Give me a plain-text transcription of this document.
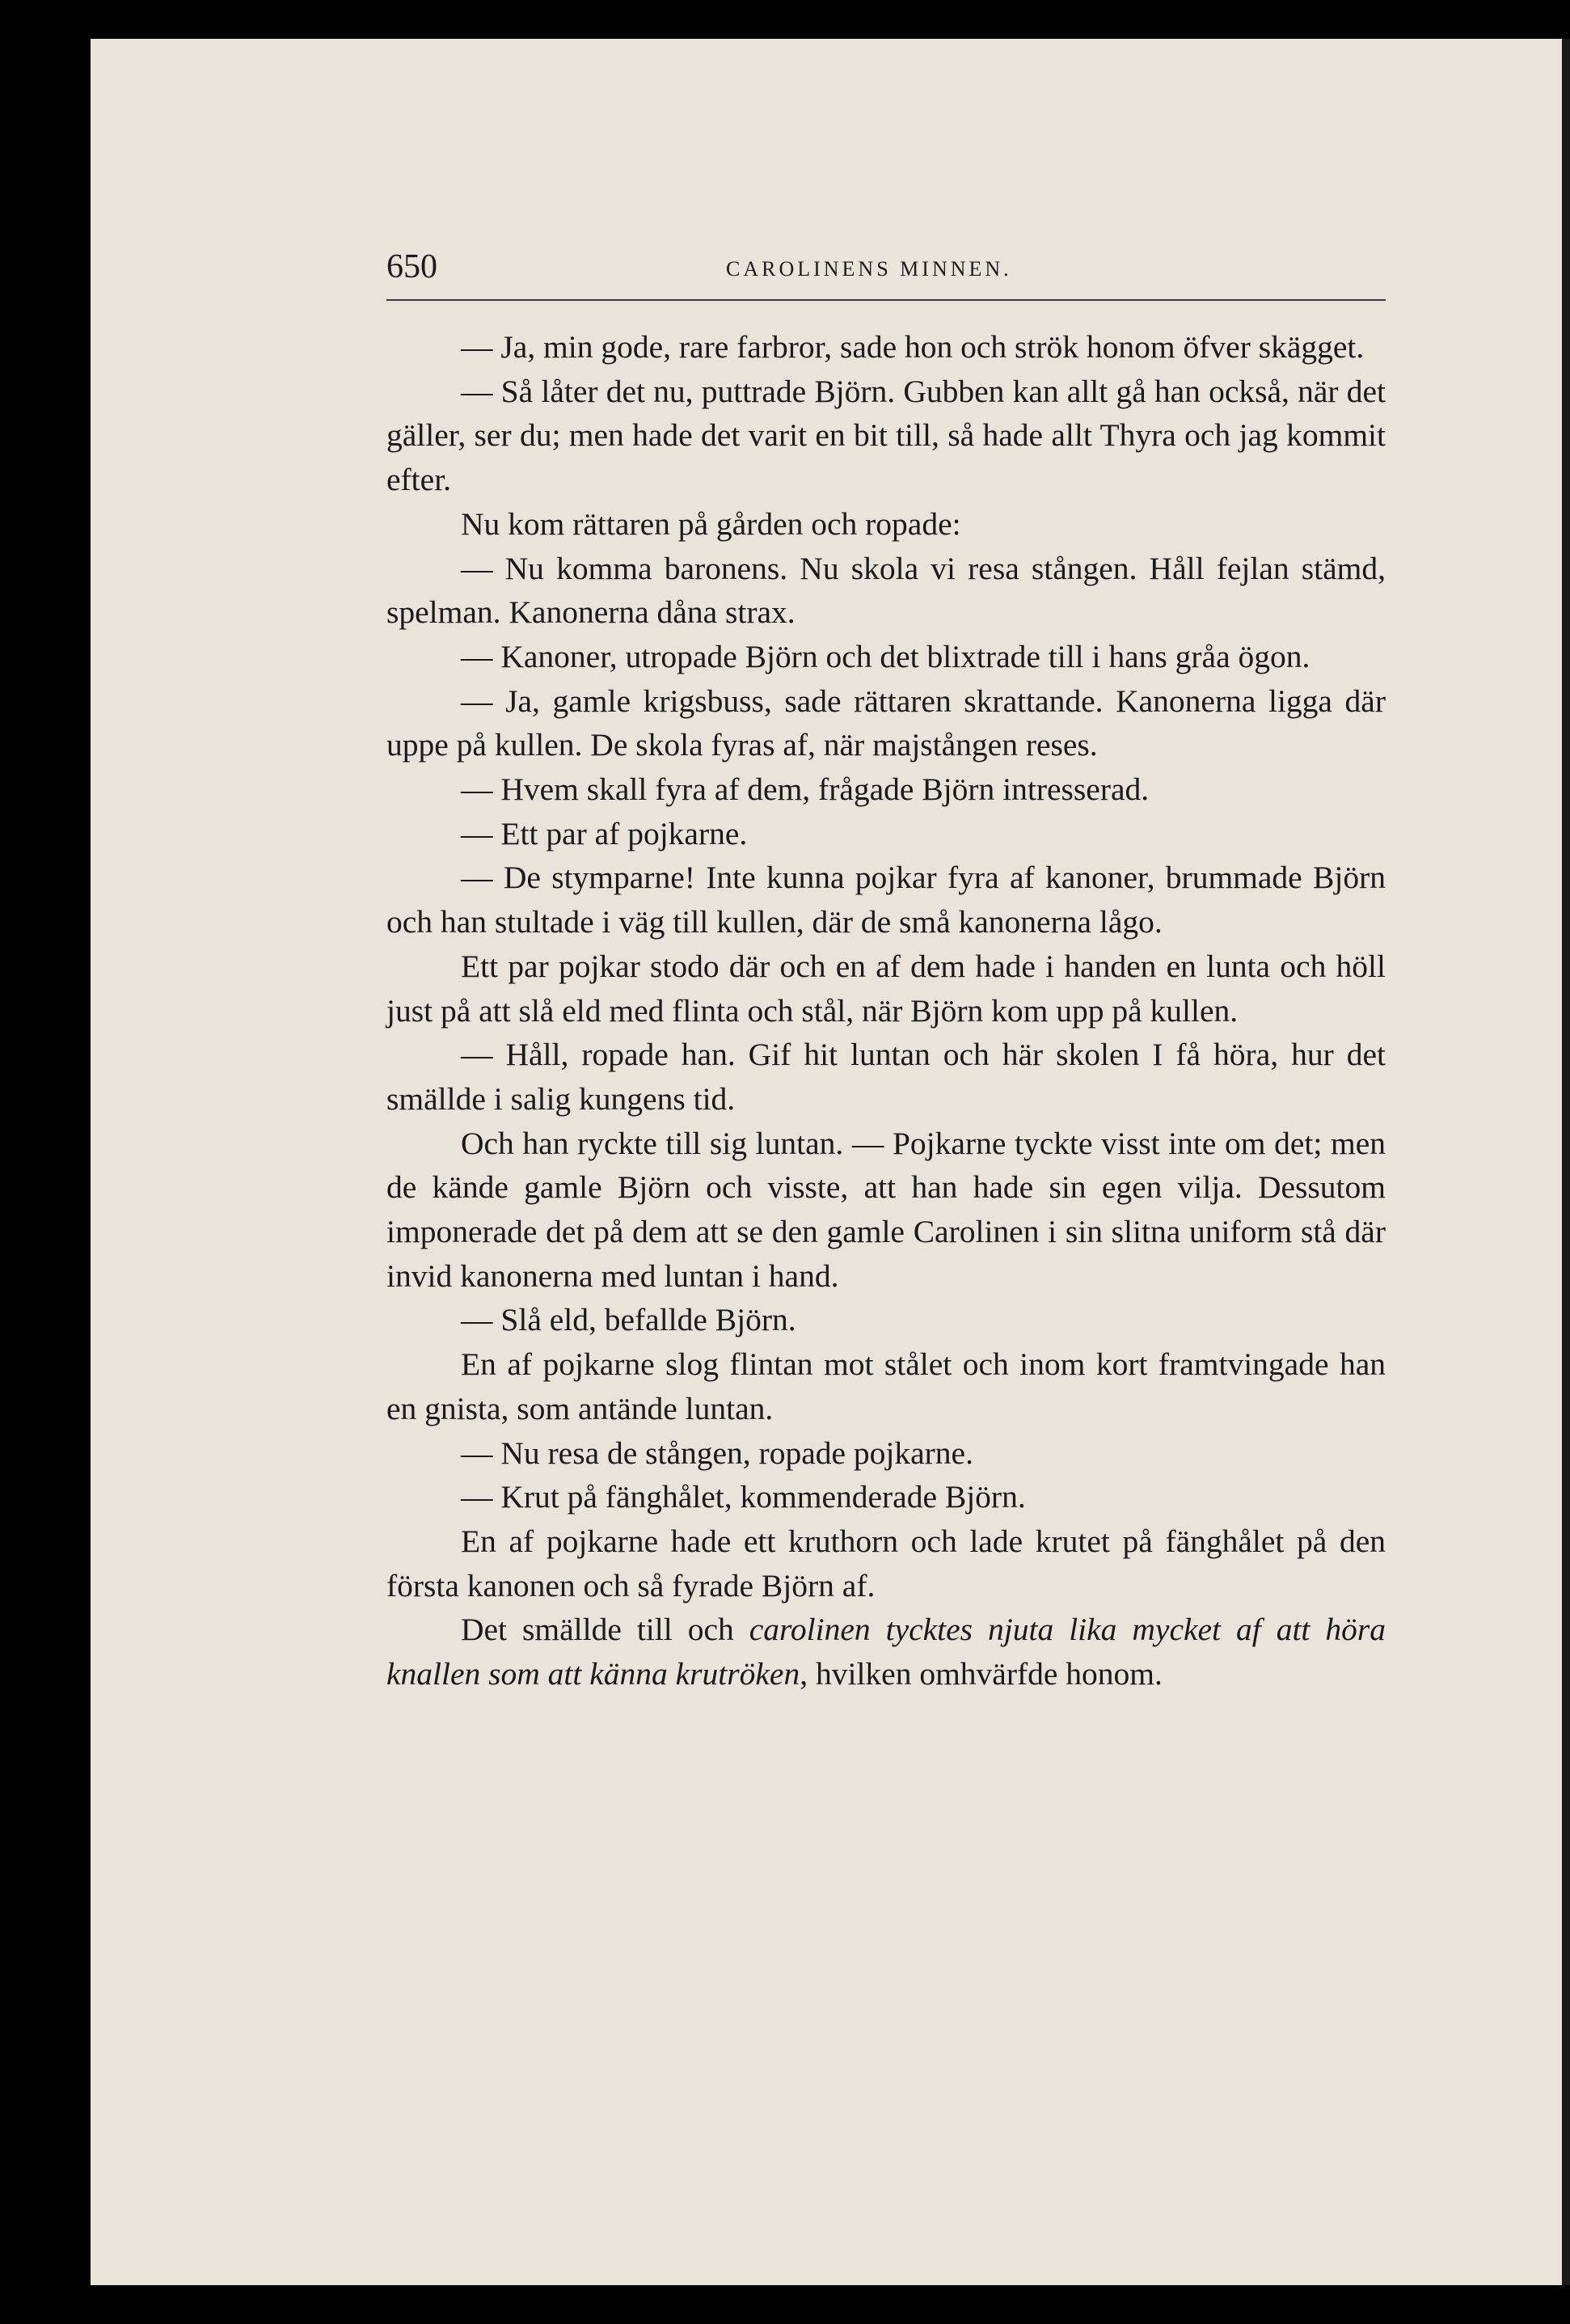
650	CAROLINENS MINNEN.

— Ja, min gode, rare farbror, sade hon och strök honom öfver skägget.

— Så låter det nu, puttrade Björn. Gubben kan allt gå han också, när det gäller, ser du; men hade det varit en bit till, så hade allt Thyra och jag kommit efter.

Nu kom rättaren på gården och ropade:

— Nu komma baronens. Nu skola vi resa stången. Håll fejlan stämd, spelman. Kanonerna dåna strax.

— Kanoner, utropade Björn och det blixtrade till i hans gråa ögon.

— Ja, gamle krigsbuss, sade rättaren skrattande. Kanonerna ligga där uppe på kullen. De skola fyras af, när majstången reses.

— Hvem skall fyra af dem, frågade Björn intresserad.

— Ett par af pojkarne.

— De stymparne! Inte kunna pojkar fyra af kanoner, brummade Björn och han stultade i väg till kullen, där de små kanonerna lågo.

Ett par pojkar stodo där och en af dem hade i handen en lunta och höll just på att slå eld med flinta och stål, när Björn kom upp på kullen.

— Håll, ropade han. Gif hit luntan och här skolen I få höra, hur det smällde i salig kungens tid.

Och han ryckte till sig luntan. — Pojkarne tyckte visst inte om det; men de kände gamle Björn och visste, att han hade sin egen vilja. Dessutom imponerade det på dem att se den gamle Carolinen i sin slitna uniform stå där invid kanonerna med luntan i hand.

— Slå eld, befallde Björn.

En af pojkarne slog flintan mot stålet och inom kort framtvingade han en gnista, som antände luntan.

— Nu resa de stången, ropade pojkarne.

— Krut på fänghålet, kommenderade Björn.

En af pojkarne hade ett kruthorn och lade krutet på fänghålet på den första kanonen och så fyrade Björn af.

Det smällde till och carolinen tycktes njuta lika mycket af att höra knallen som att känna krutröken, hvilken omhvärfde honom.
